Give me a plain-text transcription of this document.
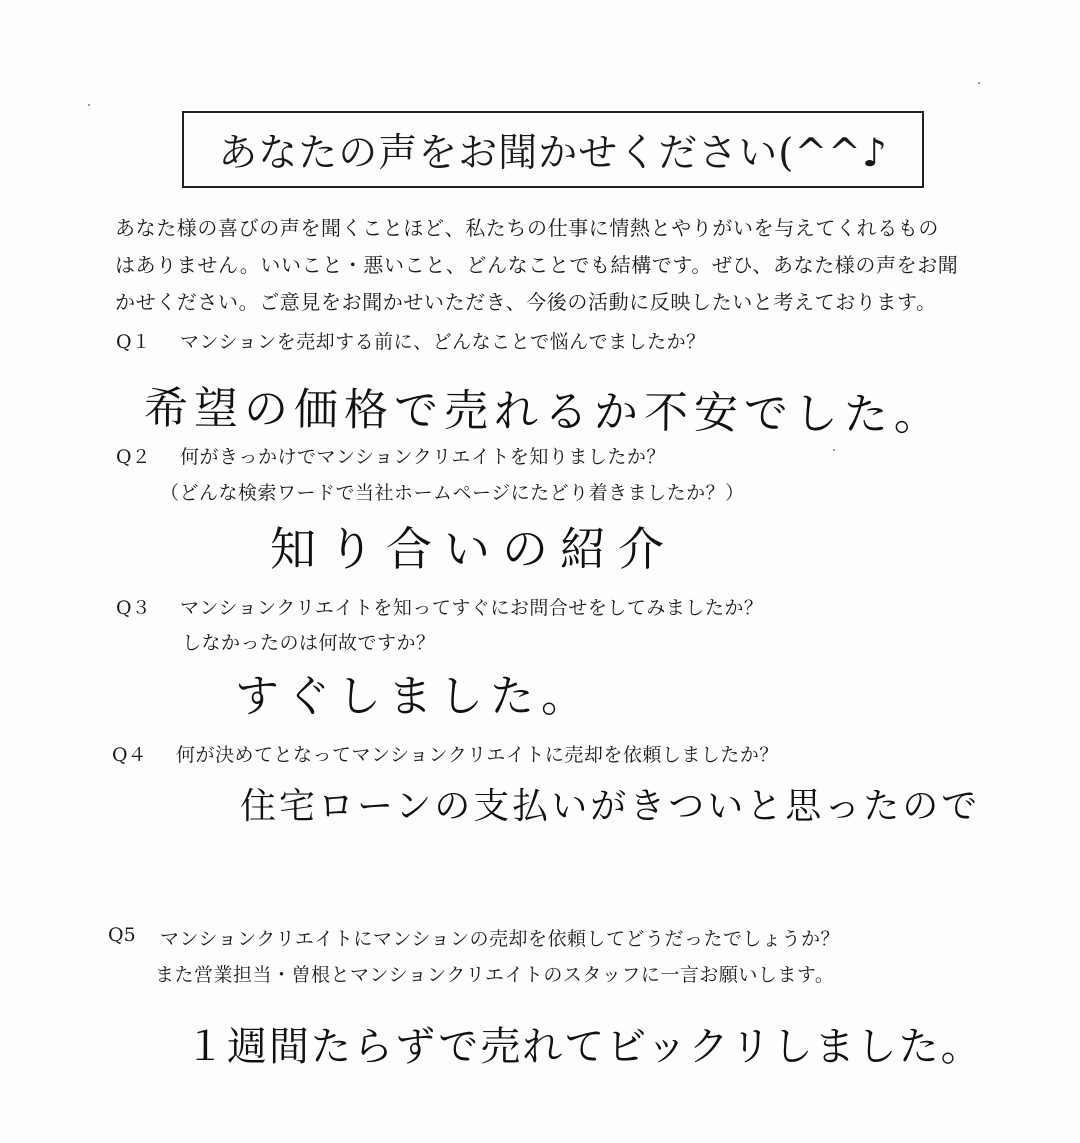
あなたの声をお聞かせください(^^♪
あなた様の喜びの声を聞くことほど、私たちの仕事に情熱とやりがいを与えてくれるもの
はありません。いいこと・悪いこと、どんなことでも結構です。ぜひ、あなた様の声をお聞
かせください。ご意見をお聞かせいただき、今後の活動に反映したいと考えております。
Q１ マンションを売却する前に、どんなことで悩んでましたか？
希望の価格で売れるか不安でした。
Q２ 何がきっかけでマンションクリエイトを知りましたか？
（どんな検索ワードで当社ホームページにたどり着きましたか？）
知り合いの紹介
Q３ マンションクリエイトを知ってすぐにお問合せをしてみましたか？
しなかったのは何故ですか？
すぐしました。
Q４ 何が決めてとなってマンションクリエイトに売却を依頼しましたか？
住宅ローンの支払いがきついと思ったので
Q5 マンションクリエイトにマンションの売却を依頼してどうだったでしょうか？
また営業担当・曽根とマンションクリエイトのスタッフに一言お願いします。
１週間たらずで売れてビックリしました。
